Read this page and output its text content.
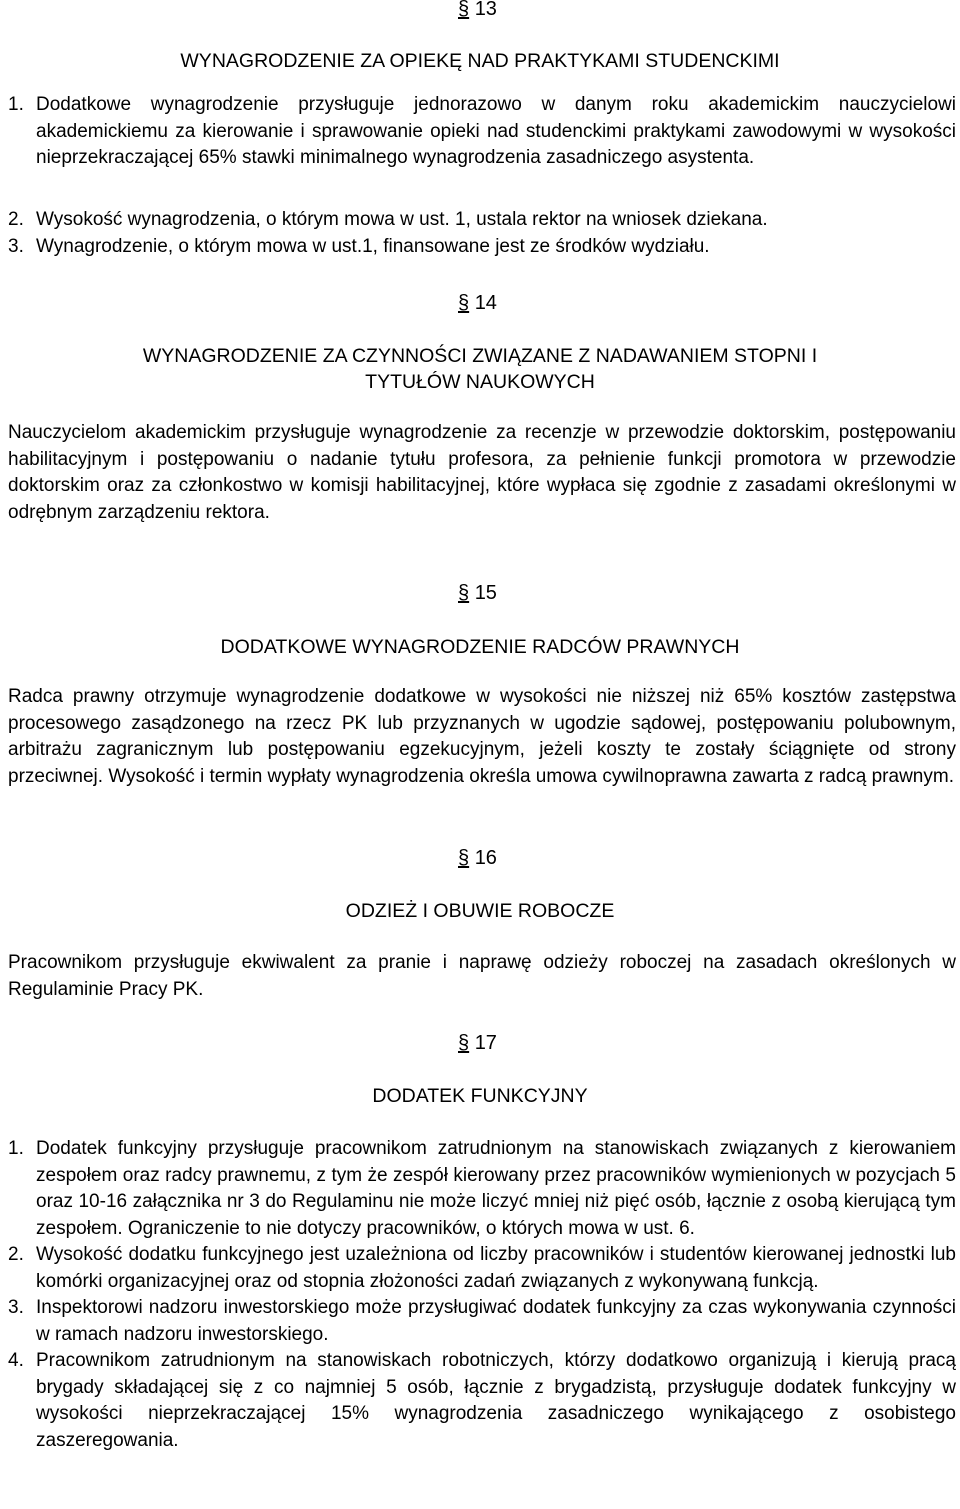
§ 13
WYNAGRODZENIE ZA OPIEKĘ NAD PRAKTYKAMI STUDENCKIMI
1. Dodatkowe wynagrodzenie przysługuje jednorazowo w danym roku akademickim nauczycielowi akademickiemu za kierowanie i sprawowanie opieki nad studenckimi praktykami zawodowymi w wysokości nieprzekraczającej 65% stawki minimalnego wynagrodzenia zasadniczego asystenta.
2. Wysokość wynagrodzenia, o którym mowa w ust. 1, ustala rektor na wniosek dziekana.
3. Wynagrodzenie, o którym mowa w ust.1, finansowane jest ze środków wydziału.
§ 14
WYNAGRODZENIE ZA CZYNNOŚCI ZWIĄZANE Z NADAWANIEM STOPNI I TYTUŁÓW NAUKOWYCH
Nauczycielom akademickim przysługuje wynagrodzenie za recenzje w przewodzie doktorskim, postępowaniu habilitacyjnym i postępowaniu o nadanie tytułu profesora, za pełnienie funkcji promotora w przewodzie doktorskim oraz za członkostwo w komisji habilitacyjnej, które wypłaca się zgodnie z zasadami określonymi w odrębnym zarządzeniu rektora.
§ 15
DODATKOWE WYNAGRODZENIE RADCÓW PRAWNYCH
Radca prawny otrzymuje wynagrodzenie dodatkowe w wysokości nie niższej niż 65% kosztów zastępstwa procesowego zasądzonego na rzecz PK lub przyznanych w ugodzie sądowej, postępowaniu polubownym, arbitrażu zagranicznym lub postępowaniu egzekucyjnym, jeżeli koszty te zostały ściągnięte od strony przeciwnej. Wysokość i termin wypłaty wynagrodzenia określa umowa cywilnoprawna zawarta z radcą prawnym.
§ 16
ODZIEŻ I OBUWIE ROBOCZE
Pracownikom przysługuje ekwiwalent za pranie i naprawę odzieży roboczej na zasadach określonych w Regulaminie Pracy PK.
§ 17
DODATEK FUNKCYJNY
1. Dodatek funkcyjny przysługuje pracownikom zatrudnionym na stanowiskach związanych z kierowaniem zespołem oraz radcy prawnemu, z tym że zespół kierowany przez pracowników wymienionych w pozycjach 5 oraz 10-16 załącznika nr 3 do Regulaminu nie może liczyć mniej niż pięć osób, łącznie z osobą kierującą tym zespołem. Ograniczenie to nie dotyczy pracowników, o których mowa w ust. 6.
2. Wysokość dodatku funkcyjnego jest uzależniona od liczby pracowników i studentów kierowanej jednostki lub komórki organizacyjnej oraz od stopnia złożoności zadań związanych z wykonywaną funkcją.
3. Inspektorowi nadzoru inwestorskiego może przysługiwać dodatek funkcyjny za czas wykonywania czynności w ramach nadzoru inwestorskiego.
4. Pracownikom zatrudnionym na stanowiskach robotniczych, którzy dodatkowo organizują i kierują pracą brygady składającej się z co najmniej 5 osób, łącznie z brygadzistą, przysługuje dodatek funkcyjny w wysokości nieprzekraczającej 15% wynagrodzenia zasadniczego wynikającego z osobistego zaszeregowania.
